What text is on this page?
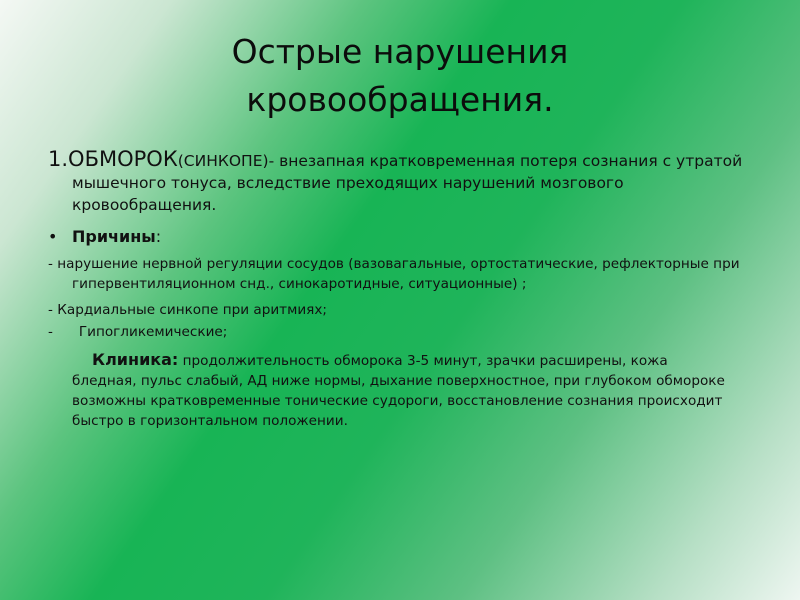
Острые нарушения
кровообращения.
1.ОБМОРОК(СИНКОПЕ)- внезапная кратковременная потеря сознания с утратой мышечного тонуса, вследствие преходящих нарушений мозгового кровообращения.
• Причины:
- нарушение нервной регуляции сосудов (вазовагальные, ортостатические, рефлекторные при гипервентиляционном снд., синокаротидные, ситуационные) ;
- Кардиальные синкопе при аритмиях;
-      Гипогликемические;
Клиника: продолжительность обморока 3-5 минут, зрачки расширены, кожа бледная, пульс слабый, АД ниже нормы, дыхание поверхностное, при глубоком обмороке возможны кратковременные тонические судороги, восстановление сознания происходит быстро в горизонтальном положении.
